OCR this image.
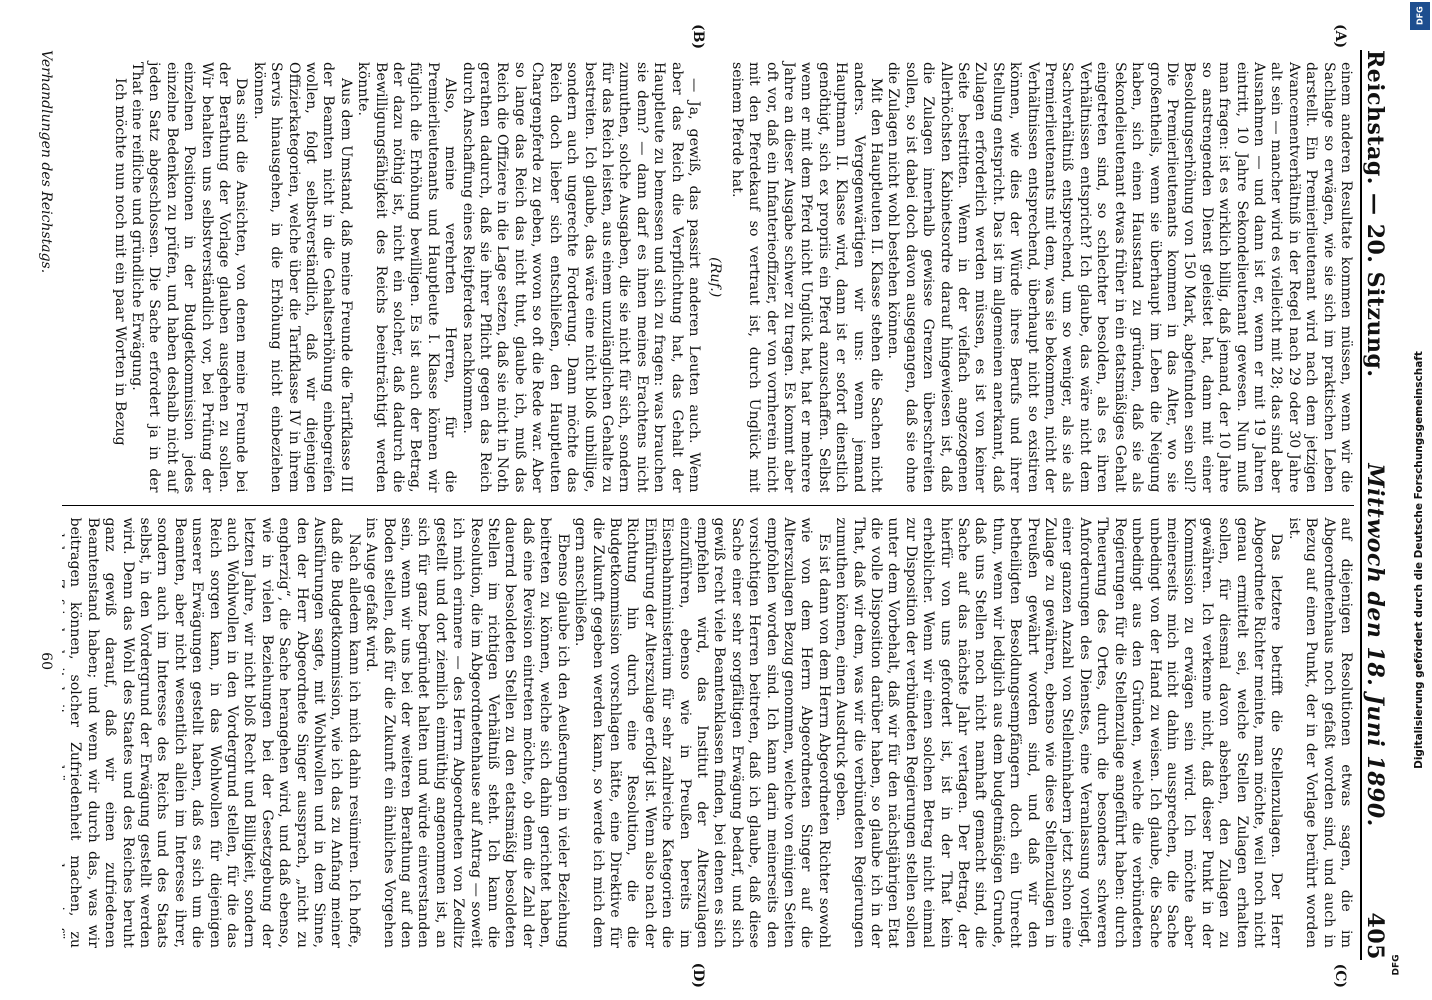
Reichstag. — 20. Sitzung.
Mittwoch den 18. Juni 1890.
405
(A)
(B)
(C)
(D)

einem anderen Resultate kommen müssen, wenn wir die Sachlage so erwägen, wie sie sich im praktischen Leben darstellt. Ein Premierlieutenant wird nach dem jetzigen Avancementverhältniß in der Regel nach 29 oder 30 Jahre alt sein — mancher wird es vielleicht mit 28; das sind aber Ausnahmen — und dann ist er, wenn er mit 19 Jahren eintritt, 10 Jahre Sekondelieutenant gewesen. Nun muß man fragen: ist es wirklich billig, daß jemand, der 10 Jahre so anstrengenden Dienst geleistet hat, dann mit einer Besoldungserhöhung von 150 Mark, abgefunden sein soll? Die Premierlieutenants kommen in das Alter, wo sie großentheils, wenn sie überhaupt im Leben die Neigung haben, sich einen Hausstand zu gründen, daß sie als Sekondelieutenant etwas früher in ein etatsmäßiges Gehalt eingetreten sind, so schlechter besolden, als es ihren Verhältnissen entspricht? Ich glaube, das wäre nicht dem Sachverhältniß entsprechend, um so weniger, als sie als Premierlieutenants mit dem, was sie bekommen, nicht der Verhältnissen entsprechend, überhaupt nicht so existiren können, wie dies der Würde ihres Berufs und ihrer Stellung entspricht. Das ist im allgemeinen anerkannt, daß Zulagen erforderlich werden müssen, es ist von keiner Seite bestritten. Wenn in der vielfach angezogenen Allerhöchsten Kabinetsordre darauf hingewiesen ist, daß die Zulagen innerhalb gewisse Grenzen überschreiten sollen, so ist dabei doch davon ausgegangen, daß sie ohne die Zulagen nicht wohl bestehen können.

Mit den Hauptleuten II. Klasse stehen die Sachen nicht anders. Vergegenwärtigen wir uns: wenn jemand Hauptmann II. Klasse wird, dann ist er sofort dienstlich genöthigt, sich ex propriis ein Pferd anzuschaffen. Selbst wenn er mit dem Pferd nicht Unglück hat, hat er mehrere Jahre an dieser Ausgabe schwer zu tragen. Es kommt aber oft vor, daß ein Infanterieoffizier, der von vornherein nicht mit den Pferdekauf so vertraut ist, durch Unglück mit seinem Pferde hat.

(Ruf.)

— Ja, gewiß, das passirt anderen Leuten auch. Wenn aber das Reich die Verpflichtung hat, das Gehalt der Hauptleute zu bemessen und sich zu fragen: was brauchen sie denn? — dann darf es ihnen meines Erachtens nicht zumuthen, solche Ausgaben, die sie nicht für sich, sondern für das Reich leisten, aus einem unzulänglichen Gehalte zu bestreiten. Ich glaube, das wäre eine nicht bloß unbillige, sondern auch ungerechte Forderung. Dann möchte das Reich doch lieber sich entschließen, den Hauptleuten Chargenpferde zu geben, wovon so oft die Rede war. Aber so lange das Reich das nicht thut, glaube ich, muß das Reich die Offiziere in die Lage setzen, daß sie nicht in Noth gerathen dadurch, daß sie ihrer Pflicht gegen das Reich durch Anschaffung eines Reitpferdes nachkommen.

Also, meine verehrten Herren, für die Premierlieutenants und Hauptleute I. Klasse können wir füglich die Erhöhung bewilligen. Es ist auch der Betrag, der dazu nöthig ist, nicht ein solcher, daß dadurch die Bewilligungsfähigkeit des Reichs beeinträchtigt werden könnte.

Aus dem Umstand, daß meine Freunde die Tarifklasse III der Beamten nicht in die Gehaltserhöhung einbegreifen wollen, folgt selbstverständlich, daß wir diejenigen Offizierkategorien, welche über die Tarifklasse IV in ihrem Servis hinausgehen, in die Erhöhung nicht einbeziehen können.

Das sind die Ansichten, von denen meine Freunde bei der Berathung der Vorlage glauben ausgehen zu sollen. Wir behalten uns selbstverständlich vor, bei Prüfung der einzelnen Positionen in der Budgetkommission jedes einzelne Bedenken zu prüfen, und haben deshalb nicht auf jeden Satz abgeschlossen. Die Sache erfordert ja in der That eine reifliche und gründliche Erwägung.

Ich möchte nun noch mit ein paar Worten in Bezug

auf diejenigen Resolutionen etwas sagen, die im Abgeordnetenhaus noch gefaßt worden sind, und auch in Bezug auf einen Punkt, der in der Vorlage berührt worden ist.

Das letztere betrifft die Stellenzulagen. Der Herr Abgeordnete Richter meinte, man möchte, weil noch nicht genau ermittelt sei, welche Stellen Zulagen erhalten sollen, für diesmal davon absehen, den Zulagen zu gewähren. Ich verkenne nicht, daß dieser Punkt in der Kommission zu erwägen sein wird. Ich möchte aber meinerseits mich nicht dahin aussprechen, die Sache unbedingt von der Hand zu weisen. Ich glaube, die Sache unbedingt aus den Gründen, welche die verbündeten Regierungen für die Stellenzulage angeführt haben: durch Theuerung des Ortes, durch die besonders schweren Anforderungen des Dienstes, eine Veranlassung vorliegt, einer ganzen Anzahl von Stelleninhabern jetzt schon eine Zulage zu gewähren, ebenso wie diese Stellenzulagen in Preußen gewährt worden sind, und daß wir den betheiligten Besoldungsempfängern doch ein Unrecht thun, wenn wir lediglich aus dem budgetmäßigen Grunde, daß uns Stellen noch nicht namhaft gemacht sind, die Sache auf das nächste Jahr vertagen. Der Betrag, der hierfür von uns gefordert ist, ist in der That kein erheblicher. Wenn wir einen solchen Betrag nicht einmal zur Disposition der verbündeten Regierungen stellen sollen unter dem Vorbehalt, daß wir für den nächstjährigen Etat die volle Disposition darüber haben, so glaube ich in der That, daß wir dem, was wir die verbündeten Regierungen zumuthen können, einen Ausdruck geben.

Es ist dann von dem Herrn Abgeordneten Richter sowohl wie von dem Herrn Abgeordneten Singer auf die Alterszulagen Bezug genommen, welche von einigen Seiten empfohlen worden sind. Ich kann darin meinerseits den vorsichtigen Herren beitreten, daß ich glaube, daß diese Sache einer sehr sorgfältigen Erwägung bedarf, und sich gewiß recht viele Beamtenklassen finden, bei denen es sich empfehlen wird, das Institut der Alterszulagen einzuführen, ebenso wie in Preußen bereits im Eisenbahnministerium für sehr zahlreiche Kategorien die Einführung der Alterszulage erfolgt ist. Wenn also nach der Richtung hin durch eine Resolution, die die Budgetkommission vorschlagen hätte, eine Direktive für die Zukunft gegeben werden kann, so werde ich mich dem gern anschließen.

Ebenso glaube ich den Aeußerungen in vieler Beziehung beitreten zu können, welche sich dahin gerichtet haben, daß eine Revision eintreten möchte, ob denn die Zahl der dauernd besoldeten Stellen zu den etatsmäßig besoldeten Stellen im richtigen Verhältniß steht. Ich kann die Resolution, die im Abgeordnetenhause auf Antrag — soweit ich mich erinnere — des Herrn Abgeordneten von Zedlitz gestellt und dort ziemlich einmüthig angenommen ist, an sich für ganz begründet halten und würde einverstanden sein, wenn wir uns bei der weiteren Berathung auf den Boden stellen, daß für die Zukunft ein ähnliches Vorgehen ins Auge gefaßt wird.

Nach alledem kann ich mich dahin resümiren. Ich hoffe, daß die Budgetkommission, wie ich das zu Anfang meiner Ausführungen sagte, mit Wohlwollen und in dem Sinne, den der Herr Abgeordnete Singer aussprach, „nicht zu engherzig“, die Sache herangehen wird, und daß ebenso, wie in vielen Beziehungen bei der Gesetzgebung der letzten Jahre, wir nicht bloß Recht und Billigkeit, sondern auch Wohlwollen in den Vordergrund stellen, für die das Reich sorgen kann, in das Wohlwollen für diejenigen unserer Erwägungen gestellt haben, daß es sich um die Beamten, aber nicht wesentlich allein im Interesse ihrer, sondern auch im Interesse des Reichs und des Staats selbst, in den Vordergrund der Erwägung gestellt werden wird. Denn das Wohl des Staates und des Reiches beruht ganz gewiß darauf, daß wir einen zufriedenen Beamtenstand haben; und wenn wir durch das, was wir beitragen können, solcher Zufriedenheit machen, zu solcher Zufriedenheit beitragen können, werden wir für

Verhandlungen des Reichstags.
60
DFG
Digitalisierung gefördert durch die Deutsche Forschungsgemeinschaft
DFG
